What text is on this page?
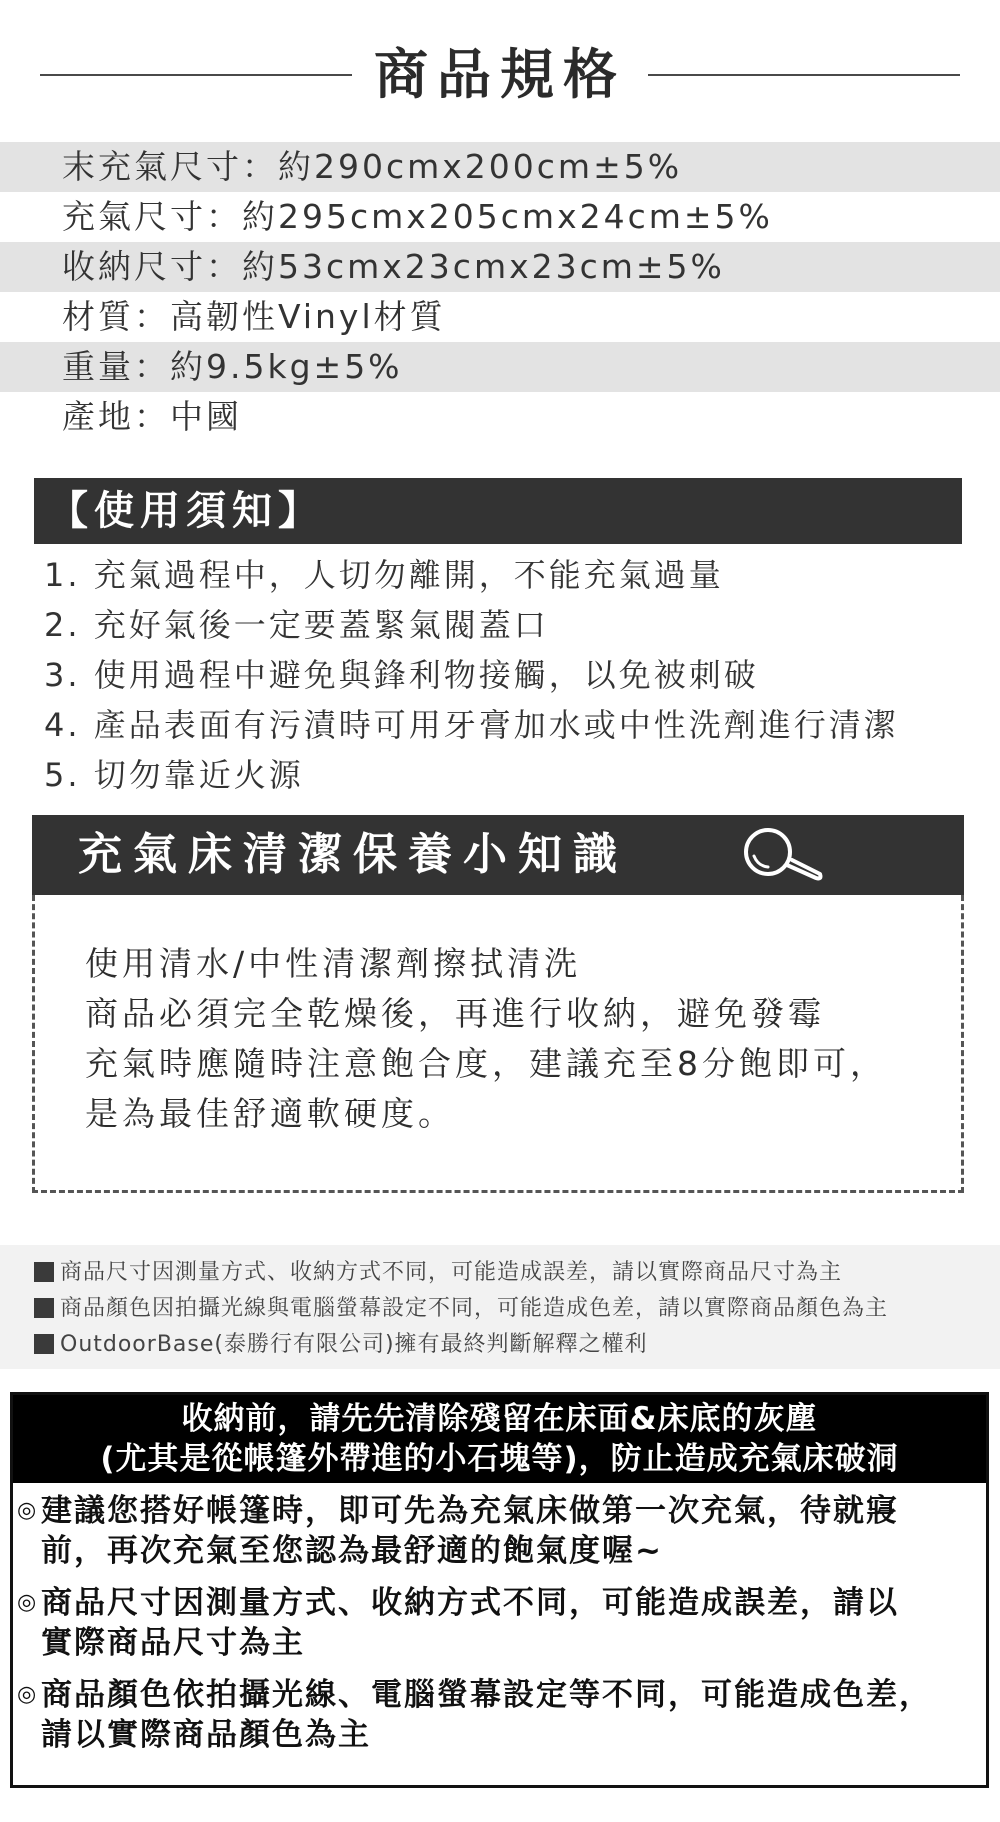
商品規格
末充氣尺寸：約290cmx200cm±5%
充氣尺寸：約295cmx205cmx24cm±5%
收納尺寸：約53cmx23cmx23cm±5%
材質：高韌性Vinyl材質
重量：約9.5kg±5%
產地：中國
【使用須知】
1. 充氣過程中，人切勿離開，不能充氣過量
2. 充好氣後一定要蓋緊氣閥蓋口
3. 使用過程中避免與鋒利物接觸，以免被刺破
4. 產品表面有污漬時可用牙膏加水或中性洗劑進行清潔
5. 切勿靠近火源
充氣床清潔保養小知識
使用清水/中性清潔劑擦拭清洗
商品必須完全乾燥後，再進行收納，避免發霉
充氣時應隨時注意飽合度，建議充至8分飽即可，
是為最佳舒適軟硬度。
商品尺寸因測量方式、收納方式不同，可能造成誤差，請以實際商品尺寸為主
商品顏色因拍攝光線與電腦螢幕設定不同，可能造成色差，請以實際商品顏色為主
OutdoorBase(泰勝行有限公司)擁有最終判斷解釋之權利
收納前，請先先清除殘留在床面&床底的灰塵
(尤其是從帳篷外帶進的小石塊等)，防止造成充氣床破洞
◎ 建議您搭好帳篷時，即可先為充氣床做第一次充氣，待就寢
前，再次充氣至您認為最舒適的飽氣度喔~
◎ 商品尺寸因測量方式、收納方式不同，可能造成誤差，請以
實際商品尺寸為主
◎ 商品顏色依拍攝光線、電腦螢幕設定等不同，可能造成色差，
請以實際商品顏色為主
